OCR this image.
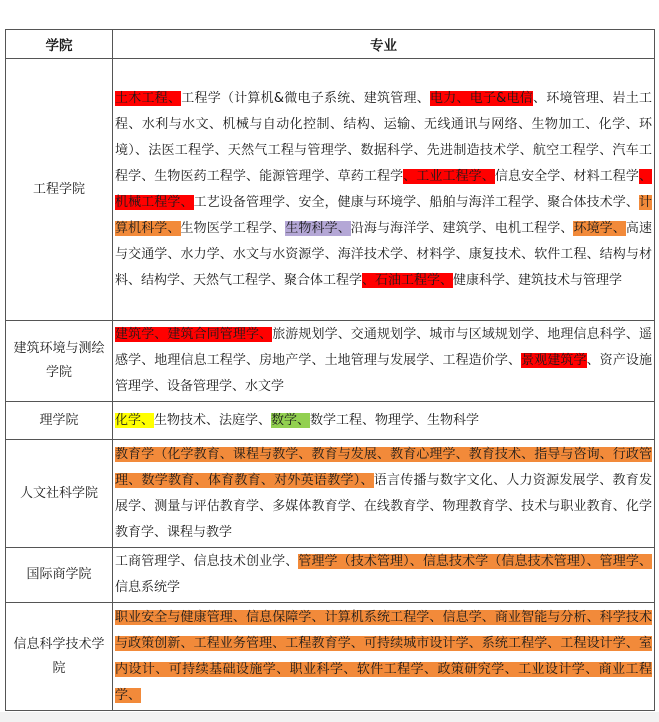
学院	专业
工程学院	土木工程、工程学（计算机&微电子系统、建筑管理、电力、电子&电信、环境管理、岩土工程、水利与水文、机械与自动化控制、结构、运输、无线通讯与网络、生物加工、化学、环境）、法医工程学、天然气工程与管理学、数据科学、先进制造技术学、航空工程学、汽车工程学、生物医药工程学、能源管理学、草药工程学、工业工程学、信息安全学、材料工程学、机械工程学、工艺设备管理学、安全，健康与环境学、船舶与海洋工程学、聚合体技术学、计算机科学、生物医学工程学、生物科学、沿海与海洋学、建筑学、电机工程学、环境学、高速与交通学、水力学、水文与水资源学、海洋技术学、材料学、康复技术、软件工程、结构与材料、结构学、天然气工程学、聚合体工程学、石油工程学、健康科学、建筑技术与管理学
建筑环境与测绘学院	建筑学、建筑合同管理学、旅游规划学、交通规划学、城市与区域规划学、地理信息科学、遥感学、地理信息工程学、房地产学、土地管理与发展学、工程造价学、景观建筑学、资产设施管理学、设备管理学、水文学
理学院	化学、生物技术、法庭学、数学、数学工程、物理学、生物科学
人文社科学院	教育学（化学教育、课程与教学、教育与发展、教育心理学、教育技术、指导与咨询、行政管理、数学教育、体育教育、对外英语教学）、语言传播与数字文化、人力资源发展学、教育发展学、测量与评估教育学、多媒体教育学、在线教育学、物理教育学、技术与职业教育、化学教育学、课程与教学
国际商学院	工商管理学、信息技术创业学、管理学（技术管理）、信息技术学（信息技术管理）、管理学、信息系统学
信息科学技术学院	职业安全与健康管理、信息保障学、计算机系统工程学、信息学、商业智能与分析、科学技术与政策创新、工程业务管理、工程教育学、可持续城市设计学、系统工程学、工程设计学、室内设计、可持续基础设施学、职业科学、软件工程学、政策研究学、工业设计学、商业工程学、
